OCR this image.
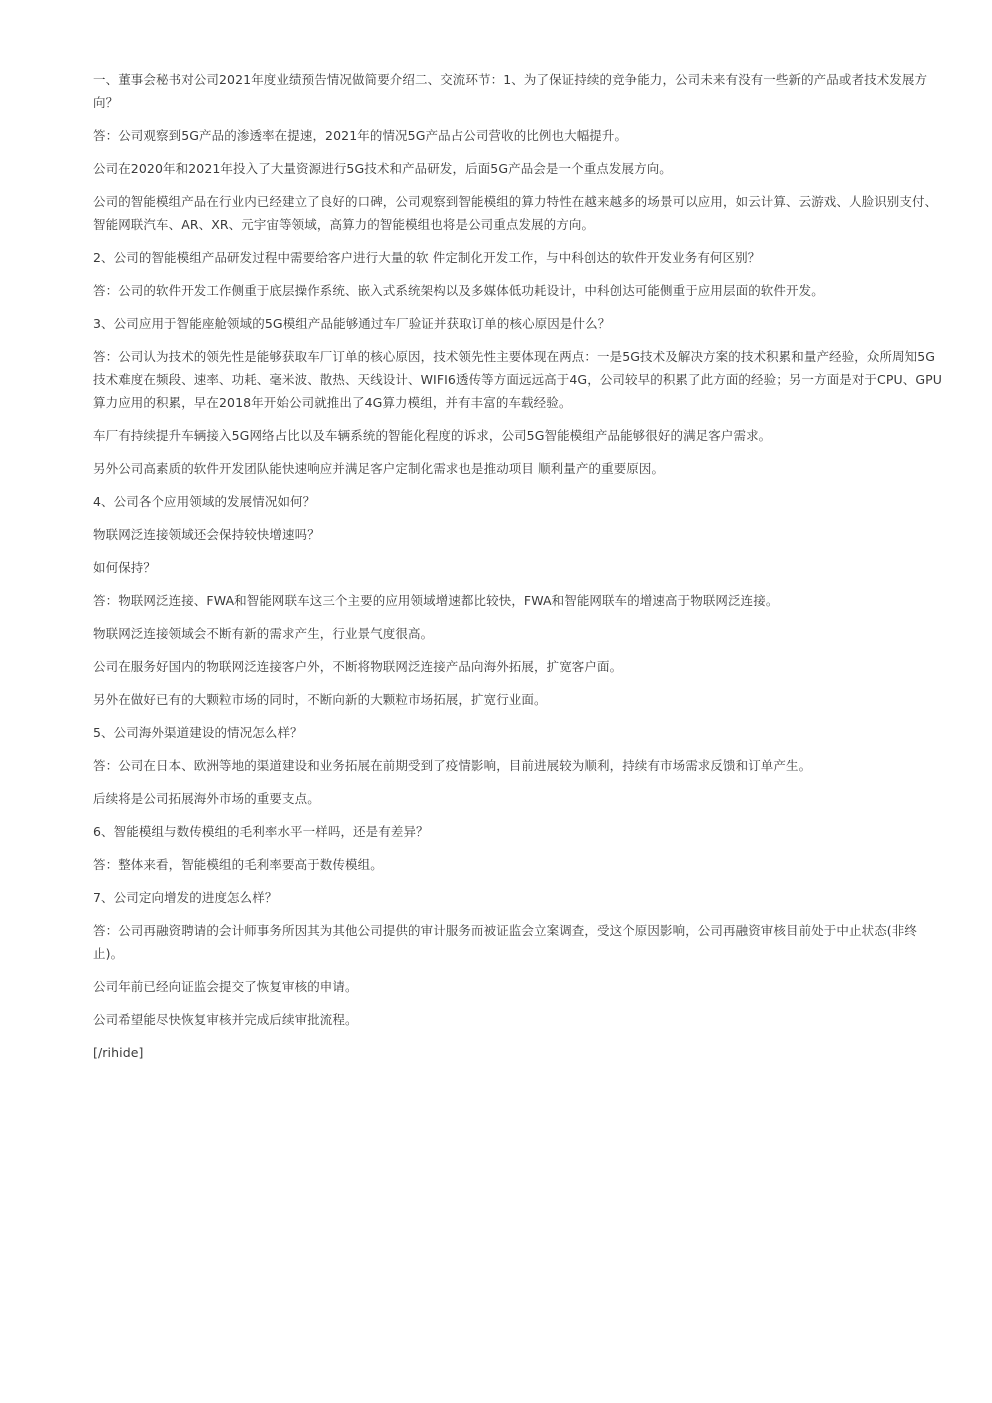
一、董事会秘书对公司2021年度业绩预告情况做简要介绍二、交流环节：1、为了保证持续的竞争能力，公司未来有没有一些新的产品或者技术发展方向？

答：公司观察到5G产品的渗透率在提速，2021年的情况5G产品占公司营收的比例也大幅提升。

公司在2020年和2021年投入了大量资源进行5G技术和产品研发，后面5G产品会是一个重点发展方向。

公司的智能模组产品在行业内已经建立了良好的口碑，公司观察到智能模组的算力特性在越来越多的场景可以应用，如云计算、云游戏、人脸识别支付、智能网联汽车、AR、XR、元宇宙等领域，高算力的智能模组也将是公司重点发展的方向。

2、公司的智能模组产品研发过程中需要给客户进行大量的软 件定制化开发工作，与中科创达的软件开发业务有何区别？

答：公司的软件开发工作侧重于底层操作系统、嵌入式系统架构以及多媒体低功耗设计，中科创达可能侧重于应用层面的软件开发。

3、公司应用于智能座舱领域的5G模组产品能够通过车厂验证并获取订单的核心原因是什么？

答：公司认为技术的领先性是能够获取车厂订单的核心原因，技术领先性主要体现在两点：一是5G技术及解决方案的技术积累和量产经验，众所周知5G技术难度在频段、速率、功耗、毫米波、散热、天线设计、WIFI6透传等方面远远高于4G，公司较早的积累了此方面的经验；另一方面是对于CPU、GPU算力应用的积累，早在2018年开始公司就推出了4G算力模组，并有丰富的车载经验。

车厂有持续提升车辆接入5G网络占比以及车辆系统的智能化程度的诉求，公司5G智能模组产品能够很好的满足客户需求。

另外公司高素质的软件开发团队能快速响应并满足客户定制化需求也是推动项目 顺利量产的重要原因。

4、公司各个应用领域的发展情况如何？

物联网泛连接领域还会保持较快增速吗？

如何保持？

答：物联网泛连接、FWA和智能网联车这三个主要的应用领域增速都比较快，FWA和智能网联车的增速高于物联网泛连接。

物联网泛连接领域会不断有新的需求产生，行业景气度很高。

公司在服务好国内的物联网泛连接客户外，不断将物联网泛连接产品向海外拓展，扩宽客户面。

另外在做好已有的大颗粒市场的同时，不断向新的大颗粒市场拓展，扩宽行业面。

5、公司海外渠道建设的情况怎么样？

答：公司在日本、欧洲等地的渠道建设和业务拓展在前期受到了疫情影响，目前进展较为顺利，持续有市场需求反馈和订单产生。

后续将是公司拓展海外市场的重要支点。

6、智能模组与数传模组的毛利率水平一样吗，还是有差异？

答：整体来看，智能模组的毛利率要高于数传模组。

7、公司定向增发的进度怎么样？

答：公司再融资聘请的会计师事务所因其为其他公司提供的审计服务而被证监会立案调查，受这个原因影响，公司再融资审核目前处于中止状态(非终止)。

公司年前已经向证监会提交了恢复审核的申请。

公司希望能尽快恢复审核并完成后续审批流程。

[/rihide]
